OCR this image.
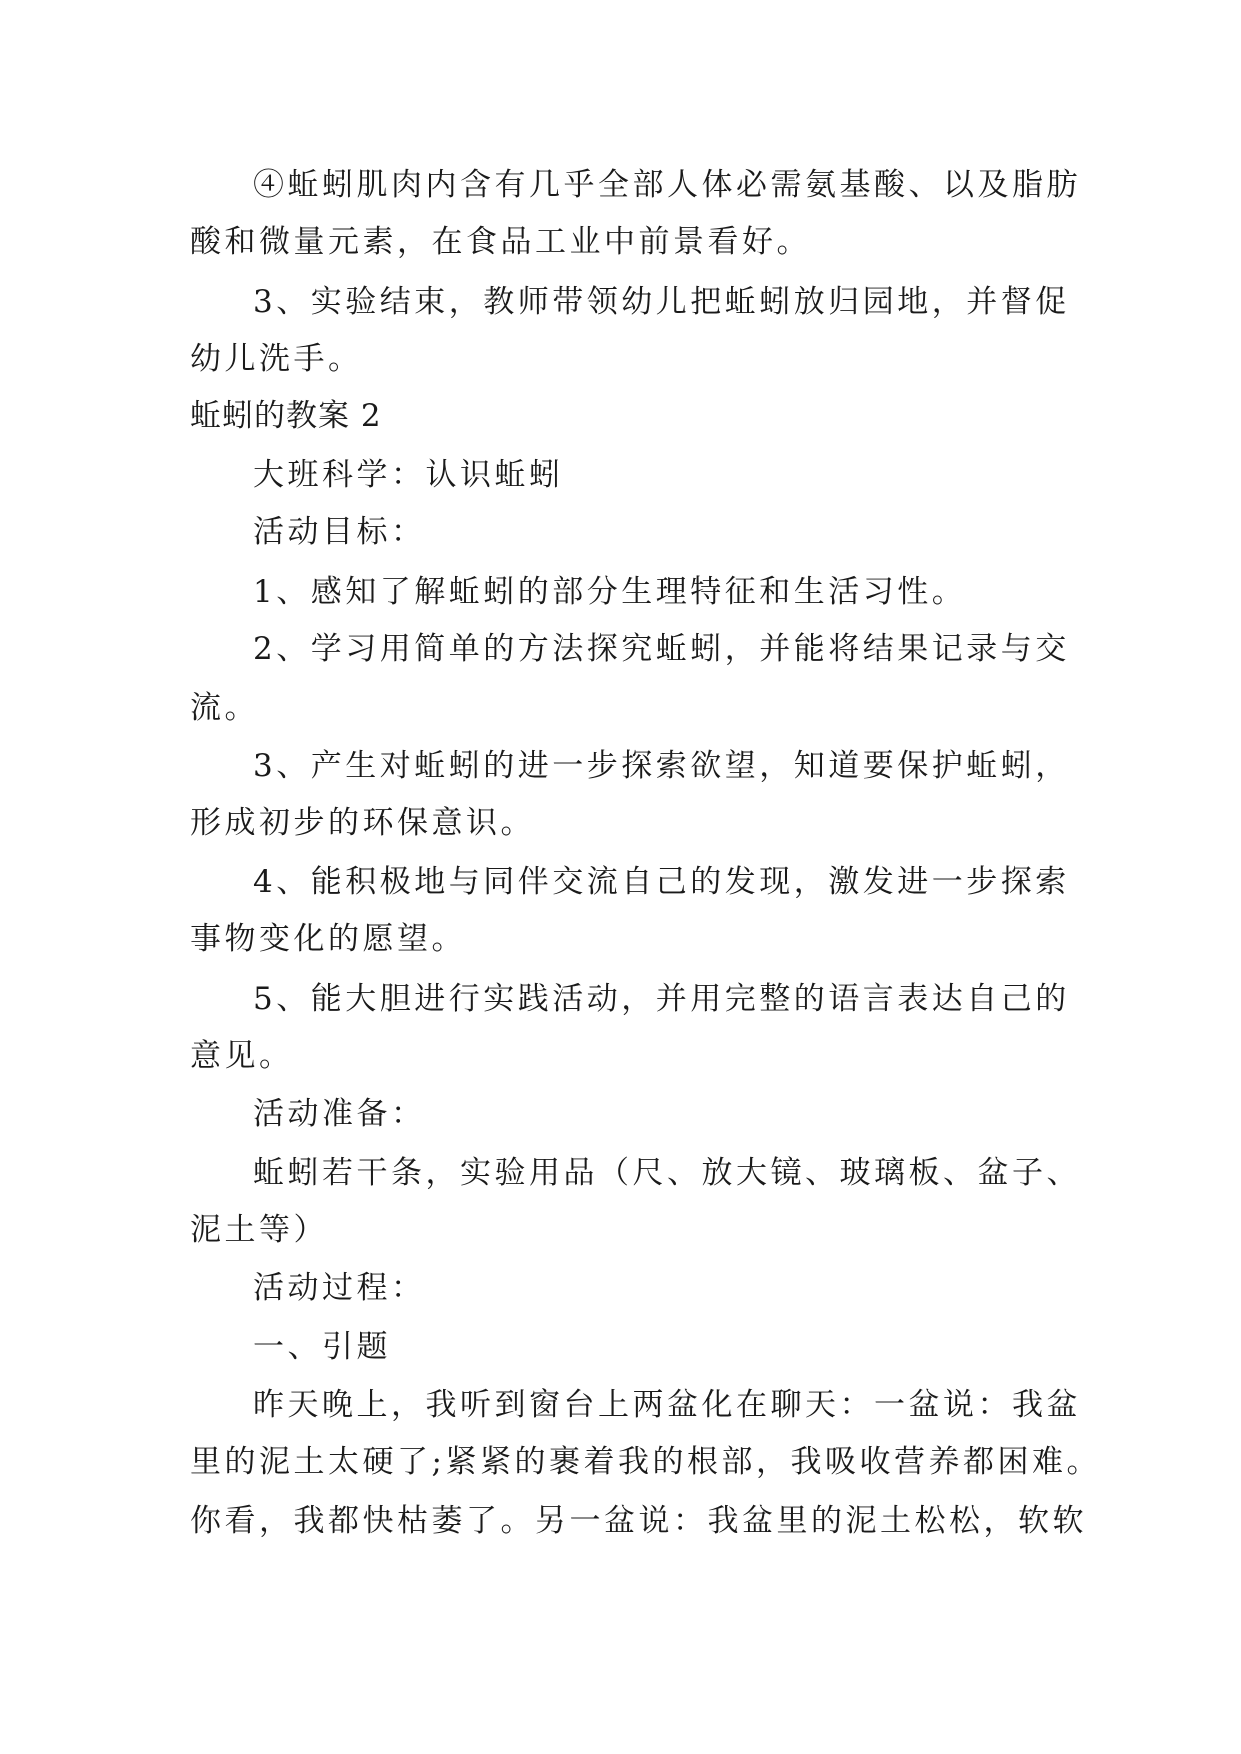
④蚯蚓肌肉内含有几乎全部人体必需氨基酸、以及脂肪
酸和微量元素，在食品工业中前景看好。
3、实验结束，教师带领幼儿把蚯蚓放归园地，并督促
幼儿洗手。
蚯蚓的教案 2
大班科学：认识蚯蚓
活动目标：
1、感知了解蚯蚓的部分生理特征和生活习性。
2、学习用简单的方法探究蚯蚓，并能将结果记录与交
流。
3、产生对蚯蚓的进一步探索欲望，知道要保护蚯蚓，
形成初步的环保意识。
4、能积极地与同伴交流自己的发现，激发进一步探索
事物变化的愿望。
5、能大胆进行实践活动，并用完整的语言表达自己的
意见。
活动准备：
蚯蚓若干条，实验用品（尺、放大镜、玻璃板、盆子、
泥土等）
活动过程：
一、引题
昨天晚上，我听到窗台上两盆化在聊天：一盆说：我盆
里的泥土太硬了;紧紧的裹着我的根部，我吸收营养都困难。
你看，我都快枯萎了。另一盆说：我盆里的泥土松松，软软
